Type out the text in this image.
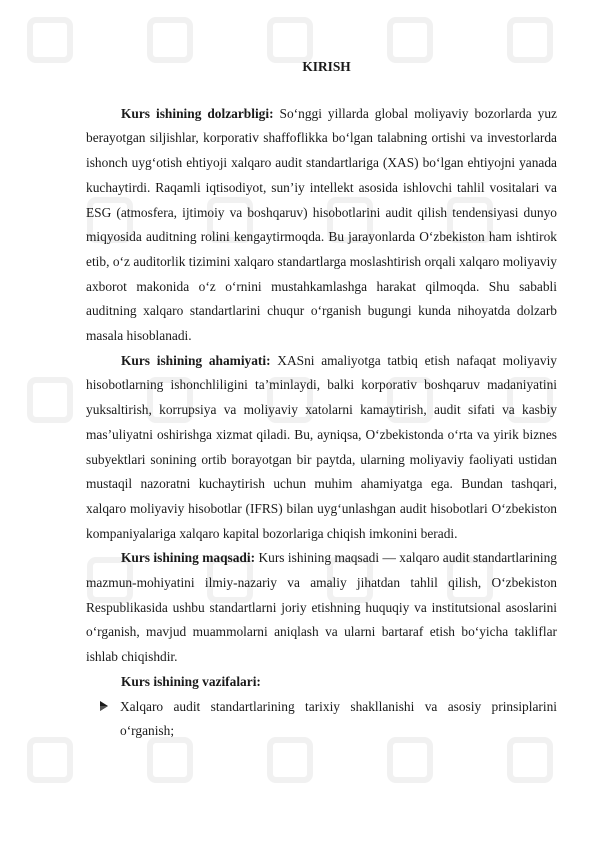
KIRISH

Kurs ishining dolzarbligi: So‘nggi yillarda global moliyaviy bozorlarda yuz berayotgan siljishlar, korporativ shaffoflikka bo‘lgan talabning ortishi va investorlarda ishonch uyg‘otish ehtiyoji xalqaro audit standartlariga (XAS) bo‘lgan ehtiyojni yanada kuchaytirdi. Raqamli iqtisodiyot, sun’iy intellekt asosida ishlovchi tahlil vositalari va ESG (atmosfera, ijtimoiy va boshqaruv) hisobotlarini audit qilish tendensiyasi dunyo miqyosida auditning rolini kengaytirmoqda. Bu jarayonlarda O‘zbekiston ham ishtirok etib, o‘z auditorlik tizimini xalqaro standartlarga moslashtirish orqali xalqaro moliyaviy axborot makonida o‘z o‘rnini mustahkamlashga harakat qilmoqda. Shu sababli auditning xalqaro standartlarini chuqur o‘rganish bugungi kunda nihoyatda dolzarb masala hisoblanadi.

Kurs ishining ahamiyati: XASni amaliyotga tatbiq etish nafaqat moliyaviy hisobotlarning ishonchliligini ta’minlaydi, balki korporativ boshqaruv madaniyatini yuksaltirish, korrupsiya va moliyaviy xatolarni kamaytirish, audit sifati va kasbiy mas’uliyatni oshirishga xizmat qiladi. Bu, ayniqsa, O‘zbekistonda o‘rta va yirik biznes subyektlari sonining ortib borayotgan bir paytda, ularning moliyaviy faoliyati ustidan mustaqil nazoratni kuchaytirish uchun muhim ahamiyatga ega. Bundan tashqari, xalqaro moliyaviy hisobotlar (IFRS) bilan uyg‘unlashgan audit hisobotlari O‘zbekiston kompaniyalariga xalqaro kapital bozorlariga chiqish imkonini beradi.

Kurs ishining maqsadi: Kurs ishining maqsadi — xalqaro audit standartlarining mazmun-mohiyatini ilmiy-nazariy va amaliy jihatdan tahlil qilish, O‘zbekiston Respublikasida ushbu standartlarni joriy etishning huquqiy va institutsional asoslarini o‘rganish, mavjud muammolarni aniqlash va ularni bartaraf etish bo‘yicha takliflar ishlab chiqishdir.

Kurs ishining vazifalari:
Xalqaro audit standartlarining tarixiy shakllanishi va asosiy prinsiplarini o‘rganish;
